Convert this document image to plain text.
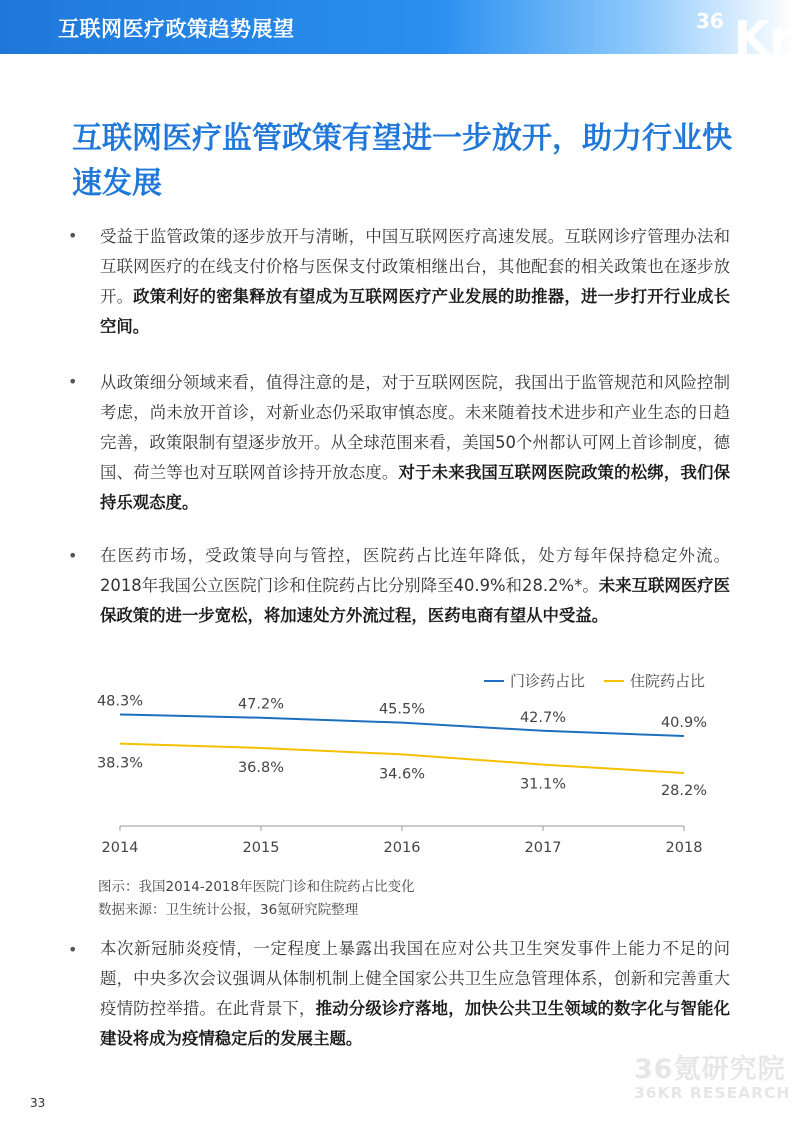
互联网医疗政策趋势展望	36 Kr
互联网医疗监管政策有望进一步放开，助力行业快速发展
• 受益于监管政策的逐步放开与清晰，中国互联网医疗高速发展。互联网诊疗管理办法和互联网医疗的在线支付价格与医保支付政策相继出台，其他配套的相关政策也在逐步放开。政策利好的密集释放有望成为互联网医疗产业发展的助推器，进一步打开行业成长空间。
• 从政策细分领域来看，值得注意的是，对于互联网医院，我国出于监管规范和风险控制考虑，尚未放开首诊，对新业态仍采取审慎态度。未来随着技术进步和产业生态的日趋完善，政策限制有望逐步放开。从全球范围来看，美国50个州都认可网上首诊制度，德国、荷兰等也对互联网首诊持开放态度。对于未来我国互联网医院政策的松绑，我们保持乐观态度。
• 在医药市场，受政策导向与管控，医院药占比连年降低，处方每年保持稳定外流。2018年我国公立医院门诊和住院药占比分别降至40.9%和28.2%*。未来互联网医疗医保政策的进一步宽松，将加速处方外流过程，医药电商有望从中受益。
门诊药占比	住院药占比
2014	2015	2016	2017	2018
48.3%	47.2%	45.5%
42.7%	40.9%
38.3%	36.8%	34.6%
31.1%	28.2%
图示：我国2014-2018年医院门诊和住院药占比变化
数据来源：卫生统计公报，36氪研究院整理
• 本次新冠肺炎疫情，一定程度上暴露出我国在应对公共卫生突发事件上能力不足的问题，中央多次会议强调从体制机制上健全国家公共卫生应急管理体系，创新和完善重大疫情防控举措。在此背景下，推动分级诊疗落地，加快公共卫生领域的数字化与智能化建设将成为疫情稳定后的发展主题。
36氪研究院
36KR RESEARCH
33
